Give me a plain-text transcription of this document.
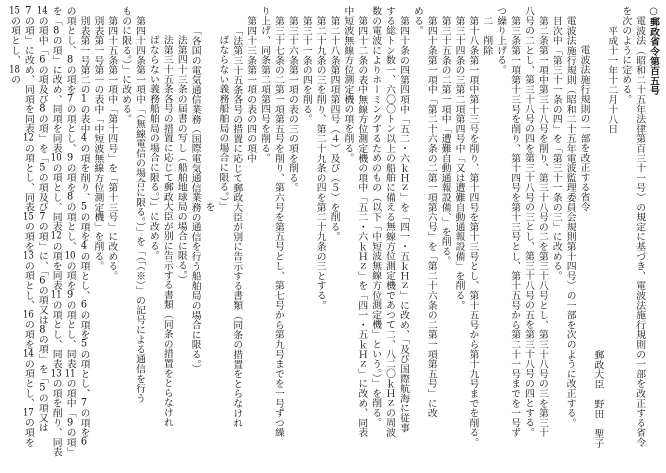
○郵政省令第百五号
電波法（昭和二十五年法律第百三十一号）の規定に基づき、電波法施行規則の一部を改正する省令
を次のように定める。
平成十一年十二月十八日
郵政大臣　野田　聖子
電波法施行規則の一部を改正する省令
電波法施行規則（昭和二十五年電波監理委員会規則第十四号）の一部を次のように改正する。
目次中「第三十一条の四」を「第三十一条の三」に改める。
第二条第一項中第三十八号を削り、第三十八号の二を第三十八号とし、第三十八号の三を第三十
八号の二とし、第三十八号の四を第三十八号の三とし、第三十八号の五を第三十八号の四とする。
第三条第一項第十三号を削り、第十四号を第十三号とし、第十五号から第二十一号までを一号ず
つ繰り上げる。
二　削除
第十八条第一項中第十三号を削り、第十四号を第十三号とし、第十五号から第十九号までを削る。
第三十四条の三第二項第四号中「又は遭難自動通報設備」を削る。
第三十五条の二第一項中「遭難自動通報設備、」を削る。
第四十条第一項中「第二十六条の二第一項第六号」を「第二十六条の二第一項第五号」に改
める。
第四十条の四第四項中「五二・六ｋＨｚ」を「四一・五ｋＨｚ」に改め、「及び国際航海に従事
する総トン数一、六〇〇トン以上の船舶に備える無線方位測定機であつて二、八二〇ｋＨｚの周波
数の電波によりホーミングするためのもの（以下「中短波無線方位測定機」という。）」を削る。
第四十二条の表中無線方位測定機の項中「五二・六ｋＨｚ」を「四一・五ｋＨｚ」に改め、同表
中短波無線方位測定機の項を削る。
第二十八条第四項第四号（４）及び（５）を削る。
第二十九条の三を削り、第二十九条の四を第二十九条の三とする。
第三十一条の四を削る。
第三十六条第一項の表の三の項を削る。
第三十七条の二第一項第五号を削り、第六号を第五号とし、第七号から第九号までを一号ずつ繰
り上げ、同条第二項第四号を削る。
第四十三条第一項の表の四の項中
「法第三十五条各号の措置に応じて郵政大臣が別に告示する書類（同条の措置をとらなけれ
ばならない義務船舶局の場合に限る。）」
を
「各国の電気通信業務（国際電気通信業務の通信を行う船舶局の場合に限る。）
法第四十三条の届書の写し（船舶地球局の場合に限る。）
法第三十五条各号の措置に応じて郵政大臣が別に告示する書類（同条の措置をとらなけれ
ばならない義務船舶局の場合に限る。）」に改める。
第四十四条第一項中「（無線電信の場合に限る。）」を「（「（※）」の記号による通信を行う
ものに限る。）」に改める。
第四十五条第一項中「第十四号」を「第十三号」に改める。
別表第一号第一の表中「中短波無線方位測定機」を削る。
別表第一号第二の1の表中4の項を削り、5の項を4の項とし、6の項を5の項とし、7の項を6
の項とし、8の項を7の項とし、9の項を8の項とし、10の項を9の項とし、同表11の項中「9の項」
を「8の項」に改め、同項を同表10の項とし、同表12の項を同表11の項とし、同表13の項を削り、同表
14の項中「6の項及び8の項」を「5の項及び7の項」に、「6の項又は8の項」を「5の項又は
7の項」に改め、同項を同表12の項とし、同表15の項を13の項とし、16の項を14の項とし、17の項を
15の項とし、18の
